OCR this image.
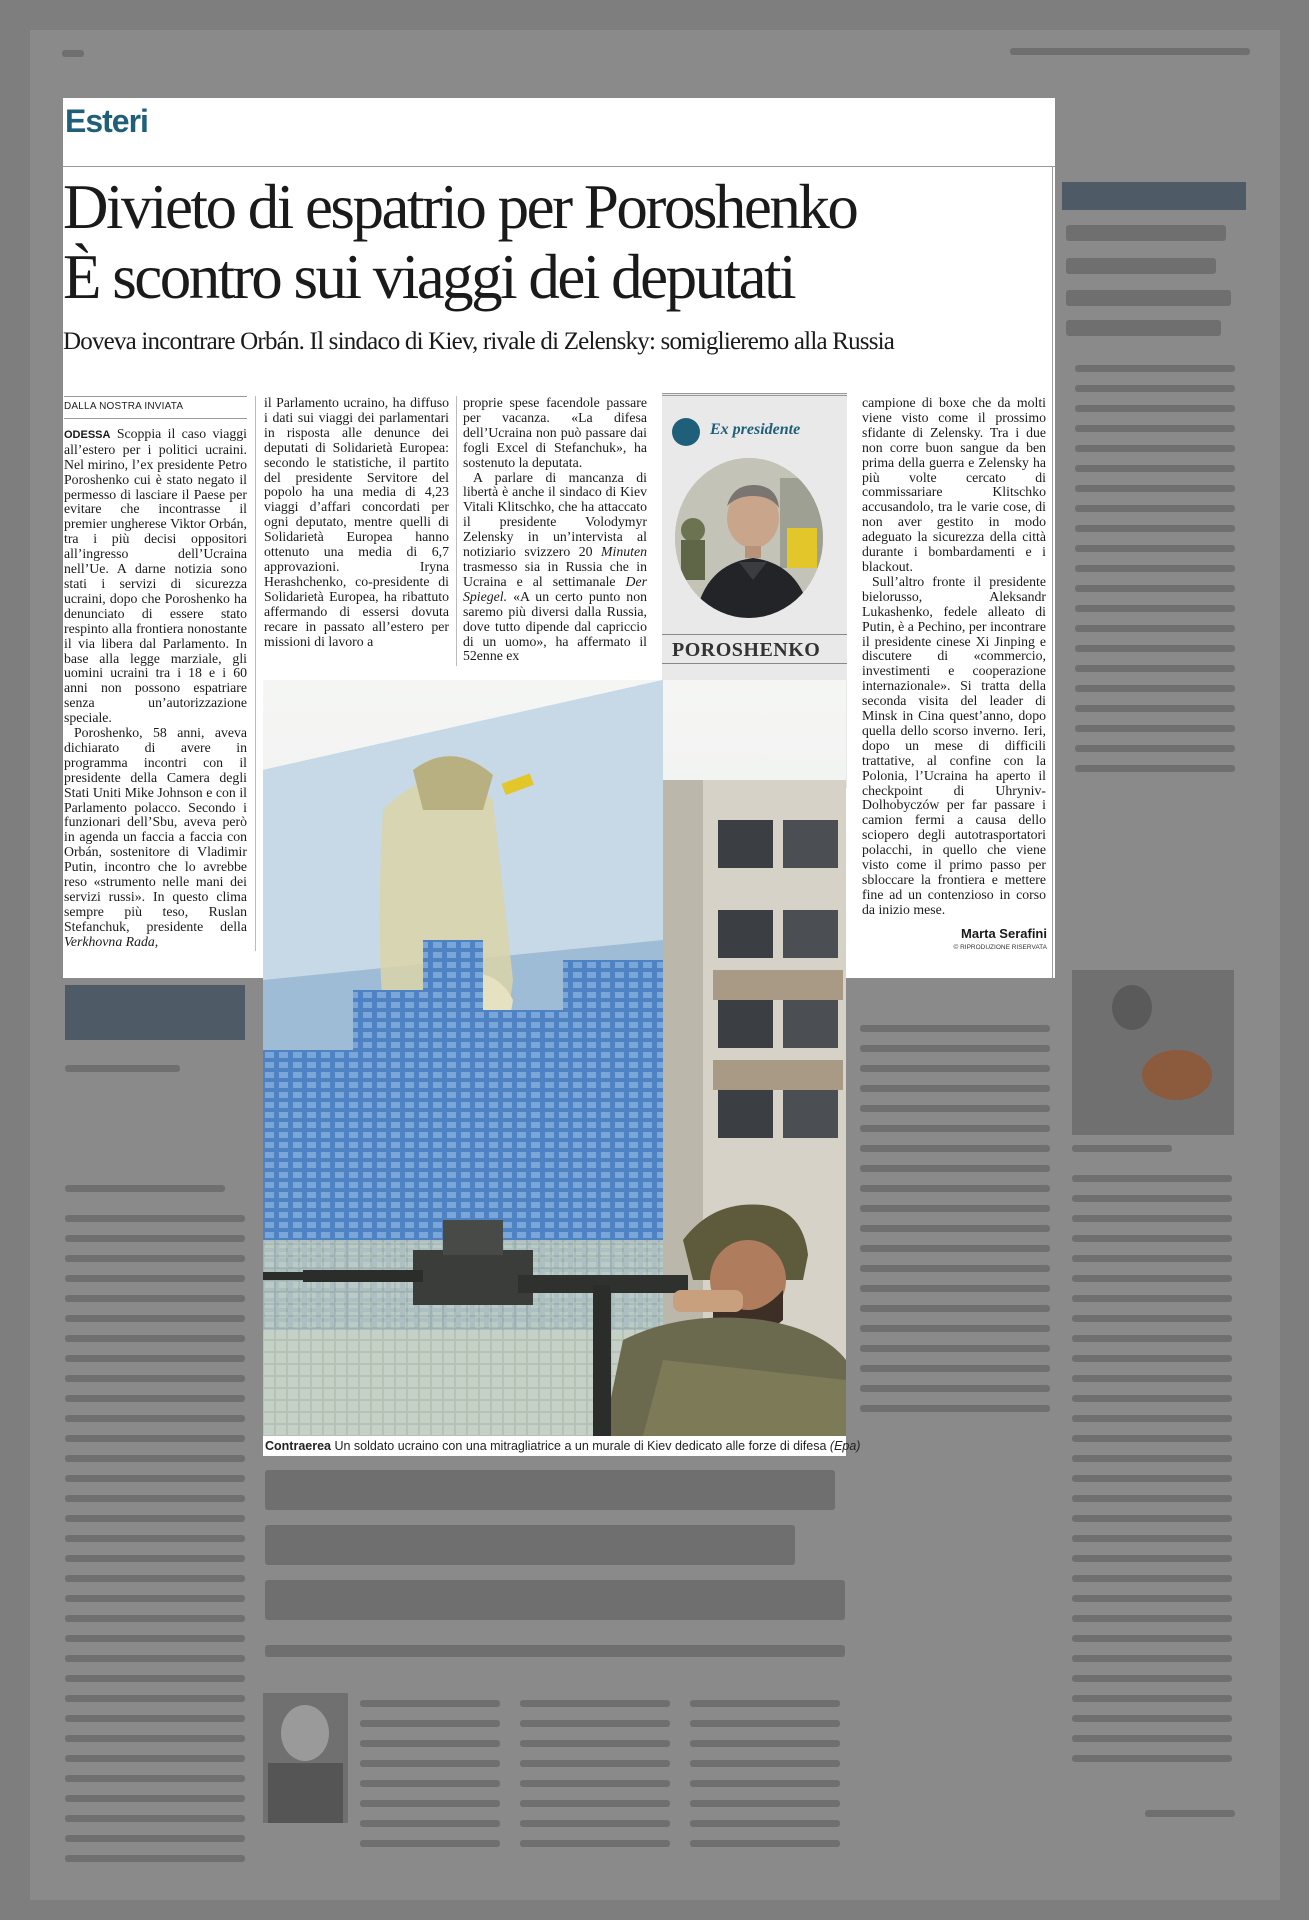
Esteri
Divieto di espatrio per Poroshenko
È scontro sui viaggi dei deputati
Doveva incontrare Orbán. Il sindaco di Kiev, rivale di Zelensky: somiglieremo alla Russia
DALLA NOSTRA INVIATA

ODESSA Scoppia il caso viaggi all’estero per i politici ucraini. Nel mirino, l’ex presidente Petro Poroshenko cui è stato negato il permesso di lasciare il Paese per evitare che incontrasse il premier ungherese Viktor Orbán, tra i più decisi oppositori all’ingresso dell’Ucraina nell’Ue. A darne notizia sono stati i servizi di sicurezza ucraini, dopo che Poroshenko ha denunciato di essere stato respinto alla frontiera nonostante il via libera dal Parlamento. In base alla legge marziale, gli uomini ucraini tra i 18 e i 60 anni non possono espatriare senza un’autorizzazione speciale.

Poroshenko, 58 anni, aveva dichiarato di avere in programma incontri con il presidente della Camera degli Stati Uniti Mike Johnson e con il Parlamento polacco. Secondo i funzionari dell’Sbu, aveva però in agenda un faccia a faccia con Orbán, sostenitore di Vladimir Putin, incontro che lo avrebbe reso «strumento nelle mani dei servizi russi». In questo clima sempre più teso, Ruslan Stefanchuk, presidente della Verkhovna Rada,

il Parlamento ucraino, ha diffuso i dati sui viaggi dei parlamentari in risposta alle denunce dei deputati di Solidarietà Europea: secondo le statistiche, il partito del presidente Servitore del popolo ha una media di 4,23 viaggi d’affari concordati per ogni deputato, mentre quelli di Solidarietà Europea hanno ottenuto una media di 6,7 approvazioni. Iryna Herashchenko, co-presidente di Solidarietà Europea, ha ribattuto affermando di essersi dovuta recare in passato all’estero per missioni di lavoro a

proprie spese facendole passare per vacanza. «La difesa dell’Ucraina non può passare dai fogli Excel di Stefanchuk», ha sostenuto la deputata.

A parlare di mancanza di libertà è anche il sindaco di Kiev Vitali Klitschko, che ha attaccato il presidente Volodymyr Zelensky in un’intervista al notiziario svizzero 20 Minuten trasmesso sia in Russia che in Ucraina e al settimanale Der Spiegel. «A un certo punto non saremo più diversi dalla Russia, dove tutto dipende dal capriccio di un uomo», ha affermato il 52enne ex

Ex presidente
POROSHENKO

campione di boxe che da molti viene visto come il prossimo sfidante di Zelensky. Tra i due non corre buon sangue da ben prima della guerra e Zelensky ha più volte cercato di commissariare Klitschko accusandolo, tra le varie cose, di non aver gestito in modo adeguato la sicurezza della città durante i bombardamenti e i blackout.

Sull’altro fronte il presidente bielorusso, Aleksandr Lukashenko, fedele alleato di Putin, è a Pechino, per incontrare il presidente cinese Xi Jinping e discutere di «commercio, investimenti e cooperazione internazionale». Si tratta della seconda visita del leader di Minsk in Cina quest’anno, dopo quella dello scorso inverno. Ieri, dopo un mese di difficili trattative, al confine con la Polonia, l’Ucraina ha aperto il checkpoint di Uhryniv-Dolhobyczów per far passare i camion fermi a causa dello sciopero degli autotrasportatori polacchi, in quello che viene visto come il primo passo per sbloccare la frontiera e mettere fine ad un contenzioso in corso da inizio mese.

Marta Serafini
© RIPRODUZIONE RISERVATA
Contraerea Un soldato ucraino con una mitragliatrice a un murale di Kiev dedicato alle forze di difesa (Epa)
